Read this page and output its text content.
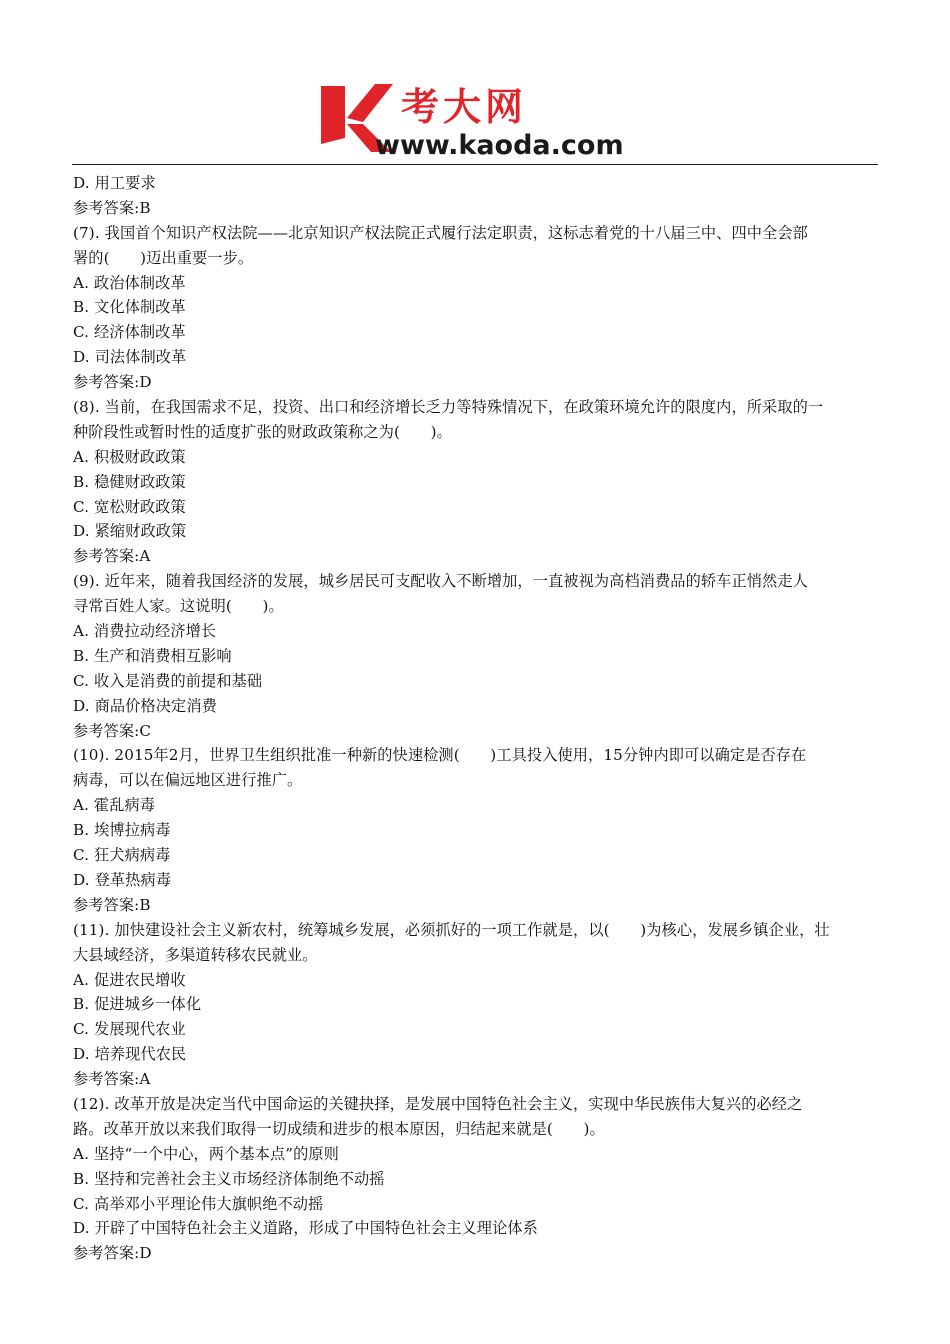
考大网
www.kaoda.com
D. 用工要求
参考答案:B
(7). 我国首个知识产权法院——北京知识产权法院正式履行法定职责，这标志着党的十八届三中、四中全会部
署的(　　)迈出重要一步。
A. 政治体制改革
B. 文化体制改革
C. 经济体制改革
D. 司法体制改革
参考答案:D
(8). 当前，在我国需求不足，投资、出口和经济增长乏力等特殊情况下，在政策环境允许的限度内，所采取的一
种阶段性或暂时性的适度扩张的财政政策称之为(　　)。
A. 积极财政政策
B. 稳健财政政策
C. 宽松财政政策
D. 紧缩财政政策
参考答案:A
(9). 近年来，随着我国经济的发展，城乡居民可支配收入不断增加，一直被视为高档消费品的轿车正悄然走人
寻常百姓人家。这说明(　　)。
A. 消费拉动经济增长
B. 生产和消费相互影响
C. 收入是消费的前提和基础
D. 商品价格决定消费
参考答案:C
(10). 2015年2月，世界卫生组织批准一种新的快速检测(　　)工具投入使用，15分钟内即可以确定是否存在
病毒，可以在偏远地区进行推广。
A. 霍乱病毒
B. 埃博拉病毒
C. 狂犬病病毒
D. 登革热病毒
参考答案:B
(11). 加快建设社会主义新农村，统筹城乡发展，必须抓好的一项工作就是，以(　　)为核心，发展乡镇企业，壮
大县域经济，多渠道转移农民就业。
A. 促进农民增收
B. 促进城乡一体化
C. 发展现代农业
D. 培养现代农民
参考答案:A
(12). 改革开放是决定当代中国命运的关键抉择，是发展中国特色社会主义，实现中华民族伟大复兴的必经之
路。改革开放以来我们取得一切成绩和进步的根本原因，归结起来就是(　　)。
A. 坚持“一个中心，两个基本点”的原则
B. 坚持和完善社会主义市场经济体制绝不动摇
C. 高举邓小平理论伟大旗帜绝不动摇
D. 开辟了中国特色社会主义道路，形成了中国特色社会主义理论体系
参考答案:D
